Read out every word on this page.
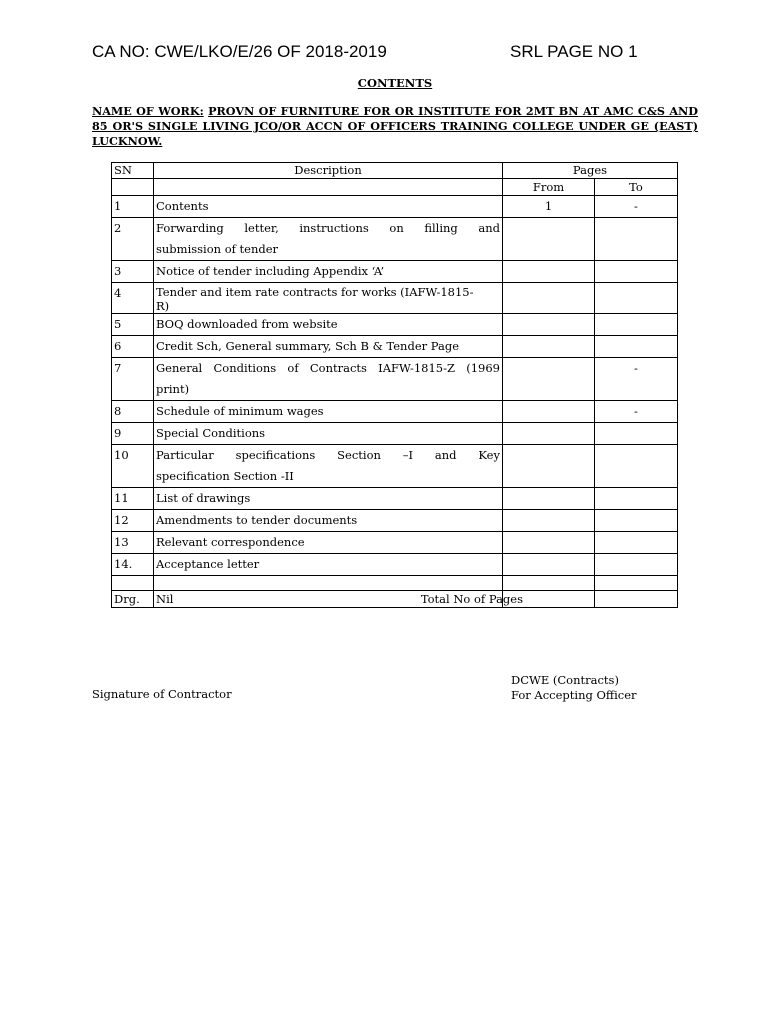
CA NO: CWE/LKO/E/26 OF 2018-2019	SRL PAGE NO 1
CONTENTS
NAME OF WORK: PROVN OF FURNITURE FOR OR INSTITUTE FOR 2MT BN AT AMC C&S AND 85 OR'S SINGLE LIVING JCO/OR ACCN OF OFFICERS TRAINING COLLEGE UNDER GE (EAST) LUCKNOW.
SN	Description	Pages	
		From	To
1	Contents	1	-
2	Forwarding letter, instructions on filling and
submission of tender		

3	Notice of tender including Appendix ‘A’		
4	Tender and item rate contracts for works (IAFW-1815-
R)		

5	BOQ downloaded from website		
6	Credit Sch, General summary, Sch B & Tender Page		
7	General Conditions of Contracts IAFW-1815-Z (1969
print)		-
8	Schedule of minimum wages		-
9	Special Conditions		
10	Particular specifications Section –I and Key
specification Section -II		

11	List of drawings		
12	Amendments to tender documents		
13	Relevant correspondence		
14.	Acceptance letter		

Drg.	Nil Total No of Pages		

Signature of Contractor
DCWE (Contracts)
For Accepting Officer
